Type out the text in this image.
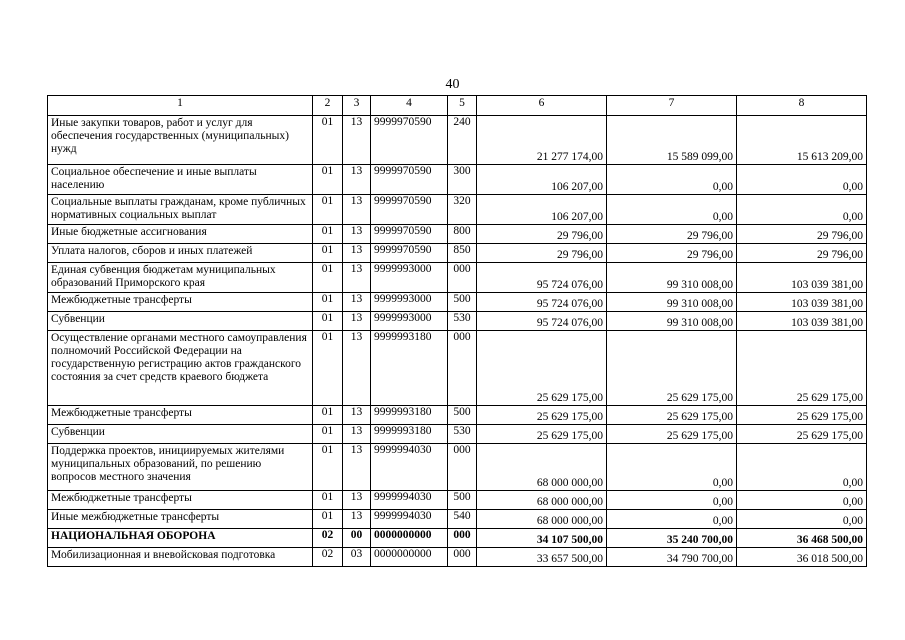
40
1	2	3	4	5	6	7	8
Иные закупки товаров, работ и услуг для обеспечения государственных (муниципальных) нужд	01	13	9999970590	240	21 277 174,00	15 589 099,00	15 613 209,00
Социальное обеспечение и иные выплаты населению	01	13	9999970590	300	106 207,00	0,00	0,00
Социальные выплаты гражданам, кроме публичных нормативных социальных выплат	01	13	9999970590	320	106 207,00	0,00	0,00
Иные бюджетные ассигнования	01	13	9999970590	800	29 796,00	29 796,00	29 796,00
Уплата налогов, сборов и иных платежей	01	13	9999970590	850	29 796,00	29 796,00	29 796,00
Единая субвенция бюджетам муниципальных образований Приморского края	01	13	9999993000	000	95 724 076,00	99 310 008,00	103 039 381,00
Межбюджетные трансферты	01	13	9999993000	500	95 724 076,00	99 310 008,00	103 039 381,00
Субвенции	01	13	9999993000	530	95 724 076,00	99 310 008,00	103 039 381,00
Осуществление органами местного самоуправления полномочий Российской Федерации на государственную регистрацию актов гражданского состояния за счет средств краевого бюджета	01	13	9999993180	000	25 629 175,00	25 629 175,00	25 629 175,00
Межбюджетные трансферты	01	13	9999993180	500	25 629 175,00	25 629 175,00	25 629 175,00
Субвенции	01	13	9999993180	530	25 629 175,00	25 629 175,00	25 629 175,00
Поддержка проектов, инициируемых жителями муниципальных образований, по решению вопросов местного значения	01	13	9999994030	000	68 000 000,00	0,00	0,00
Межбюджетные трансферты	01	13	9999994030	500	68 000 000,00	0,00	0,00
Иные межбюджетные трансферты	01	13	9999994030	540	68 000 000,00	0,00	0,00
НАЦИОНАЛЬНАЯ ОБОРОНА	02	00	0000000000	000	34 107 500,00	35 240 700,00	36 468 500,00
Мобилизационная и вневойсковая подготовка	02	03	0000000000	000	33 657 500,00	34 790 700,00	36 018 500,00
